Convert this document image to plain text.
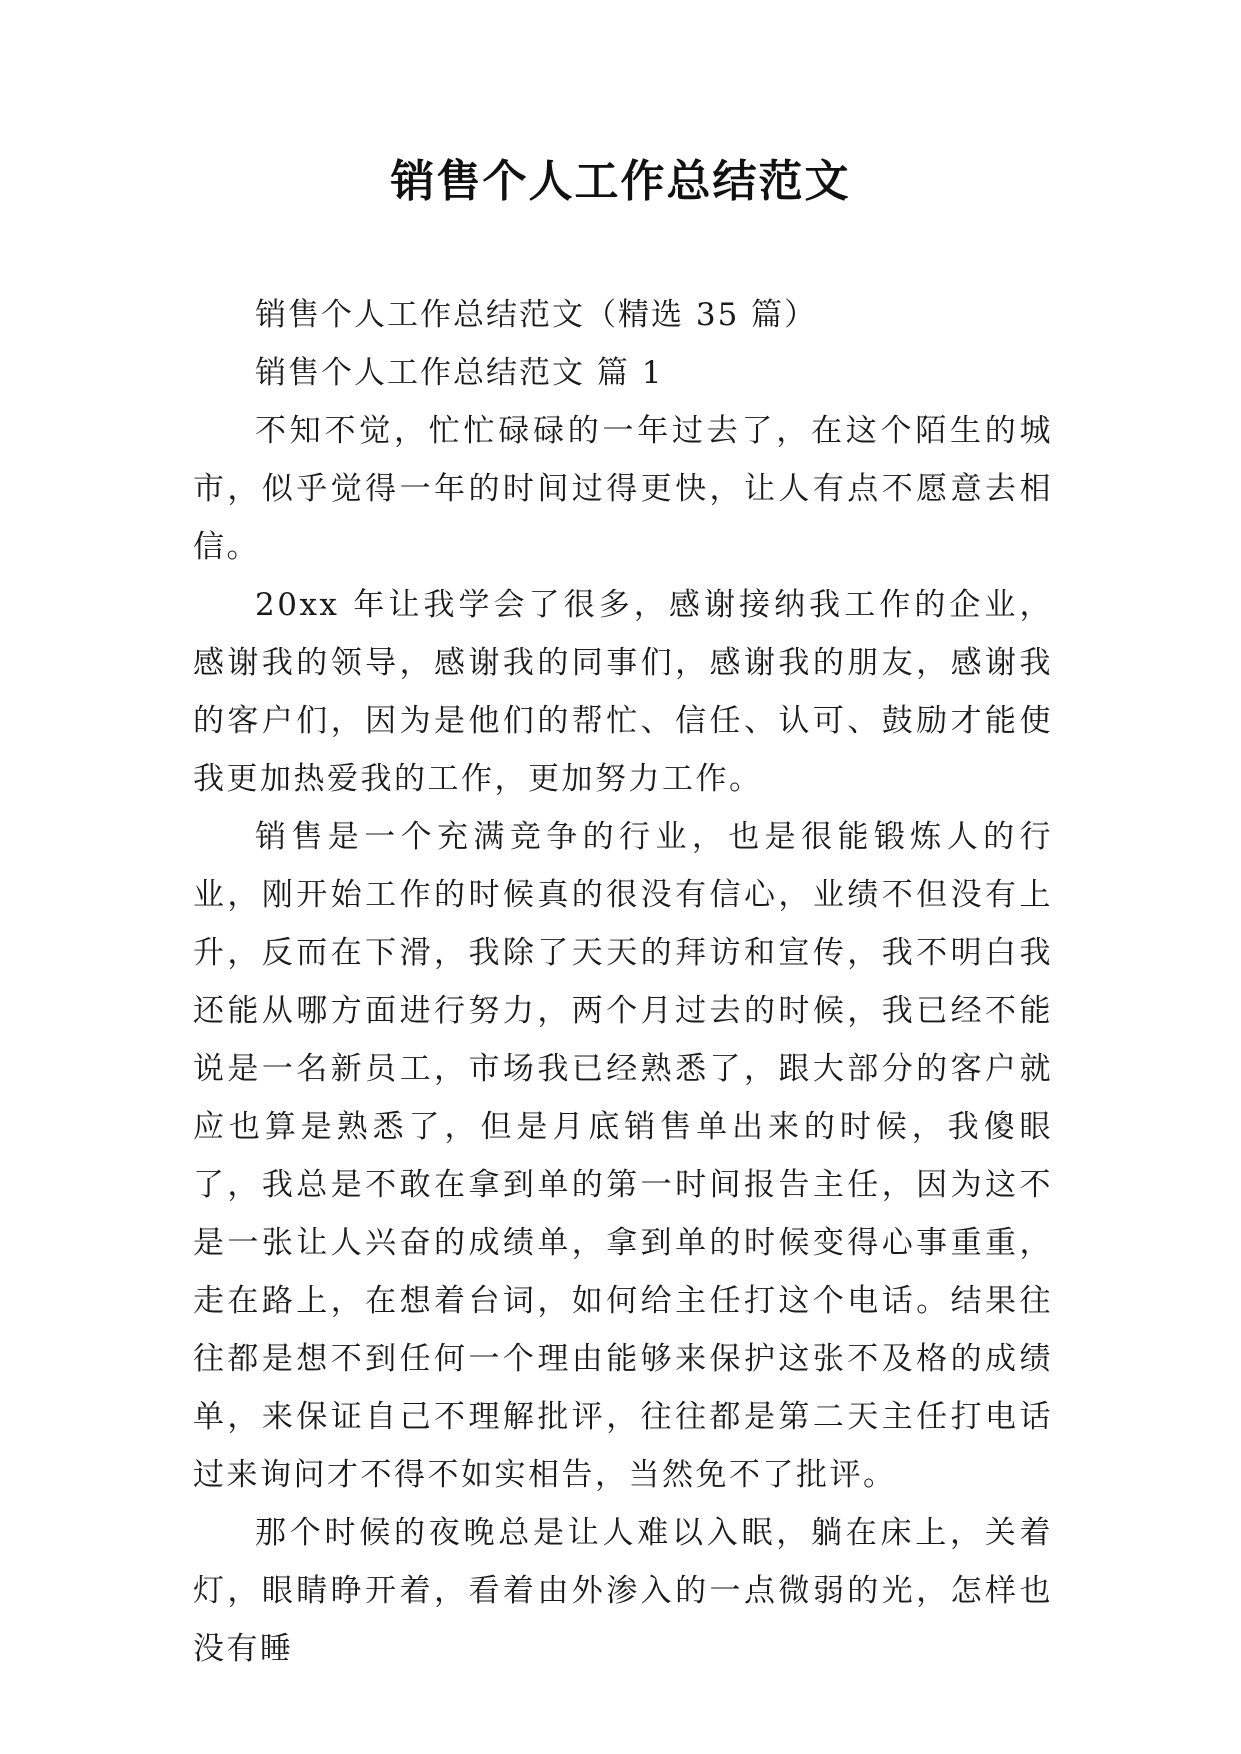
销售个人工作总结范文

销售个人工作总结范文（精选 35 篇）

销售个人工作总结范文 篇 1

不知不觉，忙忙碌碌的一年过去了，在这个陌生的城市，似乎觉得一年的时间过得更快，让人有点不愿意去相信。

20xx 年让我学会了很多，感谢接纳我工作的企业，感谢我的领导，感谢我的同事们，感谢我的朋友，感谢我的客户们，因为是他们的帮忙、信任、认可、鼓励才能使我更加热爱我的工作，更加努力工作。

销售是一个充满竞争的行业，也是很能锻炼人的行业，刚开始工作的时候真的很没有信心，业绩不但没有上升，反而在下滑，我除了天天的拜访和宣传，我不明白我还能从哪方面进行努力，两个月过去的时候，我已经不能说是一名新员工，市场我已经熟悉了，跟大部分的客户就应也算是熟悉了，但是月底销售单出来的时候，我傻眼了，我总是不敢在拿到单的第一时间报告主任，因为这不是一张让人兴奋的成绩单，拿到单的时候变得心事重重，走在路上，在想着台词，如何给主任打这个电话。结果往往都是想不到任何一个理由能够来保护这张不及格的成绩单，来保证自己不理解批评，往往都是第二天主任打电话过来询问才不得不如实相告，当然免不了批评。

那个时候的夜晚总是让人难以入眠，躺在床上，关着灯，眼睛睁开着，看着由外渗入的一点微弱的光，怎样也没有睡
